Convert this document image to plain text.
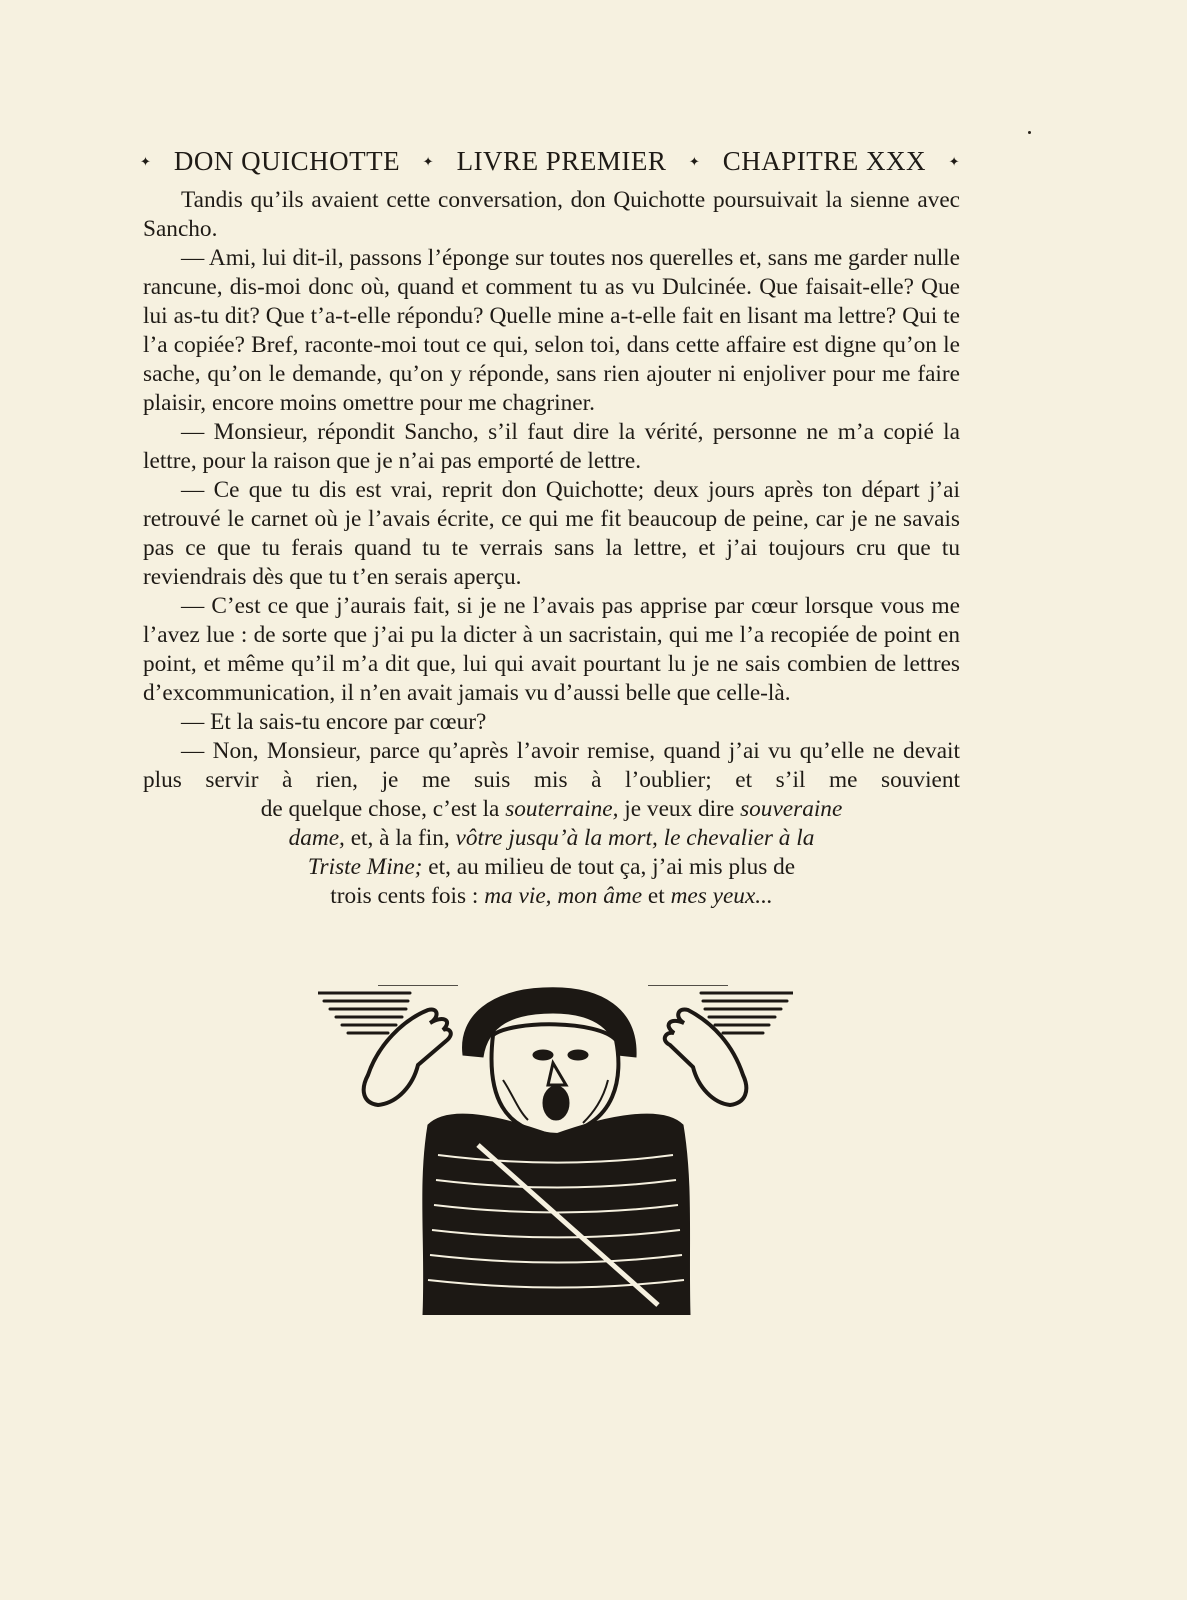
✦ DON QUICHOTTE ✦ LIVRE PREMIER ✦ CHAPITRE XXX ✦

Tandis qu’ils avaient cette conversation, don Quichotte poursuivait la sienne avec Sancho.

— Ami, lui dit-il, passons l’éponge sur toutes nos querelles et, sans me garder nulle rancune, dis-moi donc où, quand et comment tu as vu Dulcinée. Que faisait-elle? Que lui as-tu dit? Que t’a-t-elle répondu? Quelle mine a-t-elle fait en lisant ma lettre? Qui te l’a copiée? Bref, raconte-moi tout ce qui, selon toi, dans cette affaire est digne qu’on le sache, qu’on le demande, qu’on y réponde, sans rien ajouter ni enjoliver pour me faire plaisir, encore moins omettre pour me chagriner.

— Monsieur, répondit Sancho, s’il faut dire la vérité, personne ne m’a copié la lettre, pour la raison que je n’ai pas emporté de lettre.

— Ce que tu dis est vrai, reprit don Quichotte; deux jours après ton départ j’ai retrouvé le carnet où je l’avais écrite, ce qui me fit beaucoup de peine, car je ne savais pas ce que tu ferais quand tu te verrais sans la lettre, et j’ai toujours cru que tu reviendrais dès que tu t’en serais aperçu.

— C’est ce que j’aurais fait, si je ne l’avais pas apprise par cœur lorsque vous me l’avez lue : de sorte que j’ai pu la dicter à un sacristain, qui me l’a recopiée de point en point, et même qu’il m’a dit que, lui qui avait pourtant lu je ne sais combien de lettres d’excommunication, il n’en avait jamais vu d’aussi belle que celle-là.

— Et la sais-tu encore par cœur?

— Non, Monsieur, parce qu’après l’avoir remise, quand j’ai vu qu’elle ne devait plus servir à rien, je me suis mis à l’oublier; et s’il me souvient

de quelque chose, c’est la souterraine, je veux dire souveraine
dame, et, à la fin, vôtre jusqu’à la mort, le chevalier à la
Triste Mine; et, au milieu de tout ça, j’ai mis plus de
trois cents fois : ma vie, mon âme et mes yeux...
